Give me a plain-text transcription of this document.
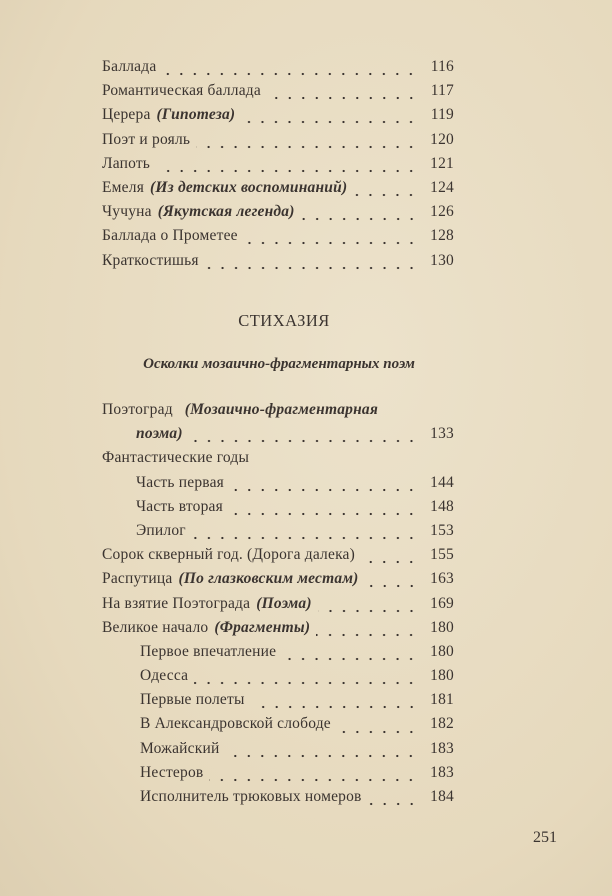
Баллада	116
Романтическая баллада	117
Церера (Гипотеза)	119
Поэт и рояль	120
Лапоть	121
Емеля (Из детских воспоминаний)	124
Чучуна (Якутская легенда)	126
Баллада о Прометее	128
Краткостишья	130
СТИХАЗИЯ
Осколки мозаично-фрагментарных поэм
Поэтоград (Мозаично-фрагментарная
поэма)	133
Фантастические годы
Часть первая	144
Часть вторая	148
Эпилог	153
Сорок скверный год. (Дорога далека)	155
Распутица (По глазковским местам)	163
На взятие Поэтограда (Поэма)	169
Великое начало (Фрагменты)	180
Первое впечатление	180
Одесса	180
Первые полеты	181
В Александровской слободе	182
Можайский	183
Нестеров	183
Исполнитель трюковых номеров	184
251
